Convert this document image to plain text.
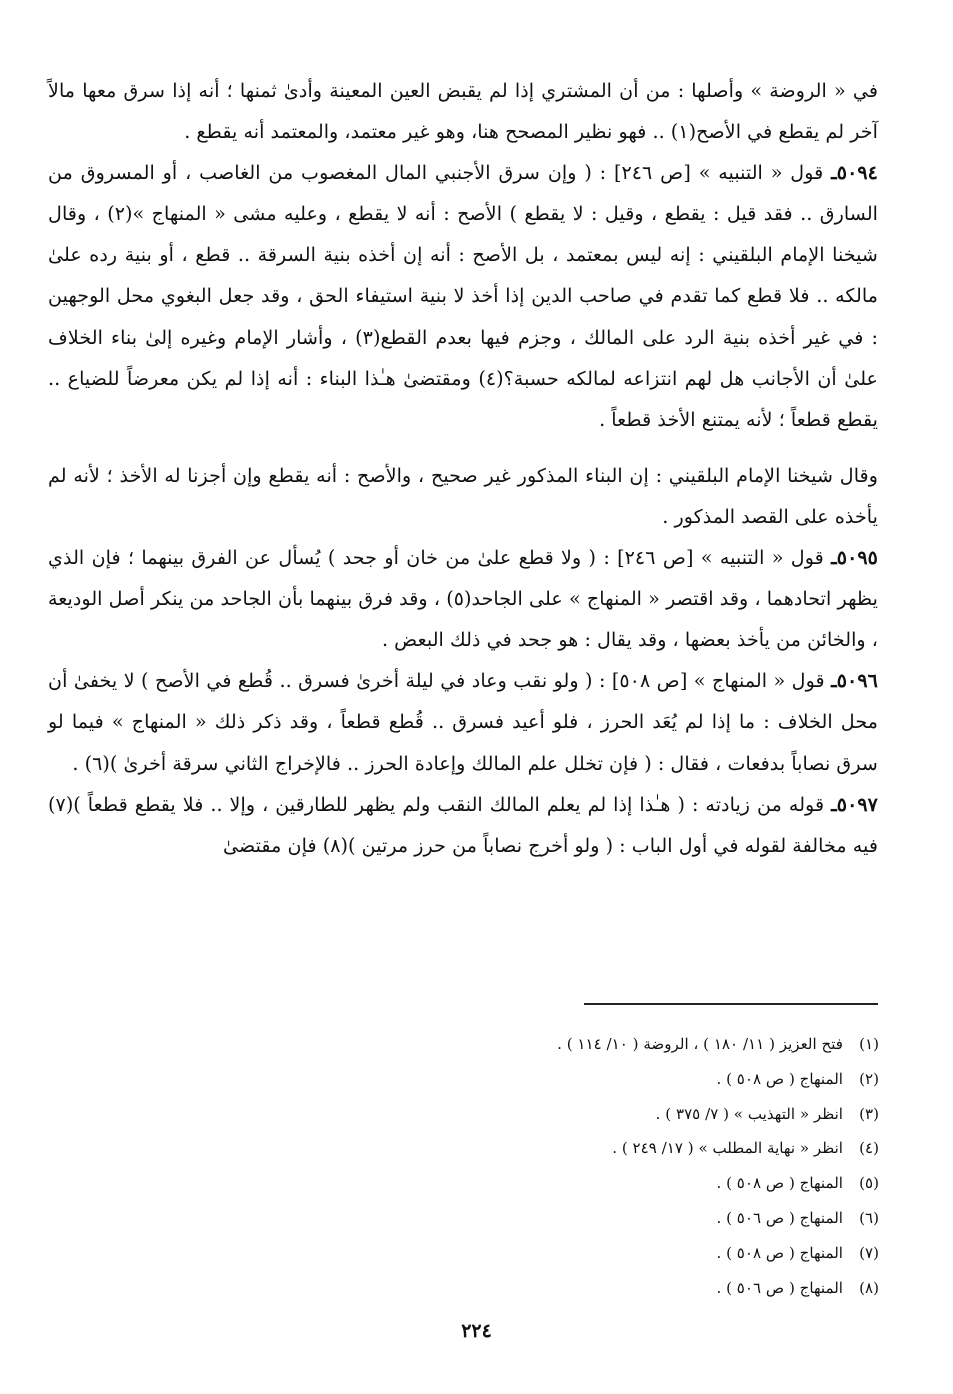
في « الروضة » وأصلها : من أن المشتري إذا لم يقبض العين المعينة وأدىٰ ثمنها ؛ أنه إذا سرق معها مالاً آخر لم يقطع في الأصح(١) .. فهو نظير المصحح هنا، وهو غير معتمد، والمعتمد أنه يقطع .

٥٠٩٤ـ قول « التنبيه » [ص ٢٤٦] : ( وإن سرق الأجنبي المال المغصوب من الغاصب ، أو المسروق من السارق .. فقد قيل : يقطع ، وقيل : لا يقطع ) الأصح : أنه لا يقطع ، وعليه مشى « المنهاج »(٢) ، وقال شيخنا الإمام البلقيني : إنه ليس بمعتمد ، بل الأصح : أنه إن أخذه بنية السرقة .. قطع ، أو بنية رده علىٰ مالكه .. فلا قطع كما تقدم في صاحب الدين إذا أخذ لا بنية استيفاء الحق ، وقد جعل البغوي محل الوجهين : في غير أخذه بنية الرد على المالك ، وجزم فيها بعدم القطع(٣) ، وأشار الإمام وغيره إلىٰ بناء الخلاف علىٰ أن الأجانب هل لهم انتزاعه لمالكه حسبة؟(٤) ومقتضىٰ هـٰذا البناء : أنه إذا لم يكن معرضاً للضياع .. يقطع قطعاً ؛ لأنه يمتنع الأخذ قطعاً .

وقال شيخنا الإمام البلقيني : إن البناء المذكور غير صحيح ، والأصح : أنه يقطع وإن أجزنا له الأخذ ؛ لأنه لم يأخذه على القصد المذكور .

٥٠٩٥ـ قول « التنبيه » [ص ٢٤٦] : ( ولا قطع علىٰ من خان أو جحد ) يُسأل عن الفرق بينهما ؛ فإن الذي يظهر اتحادهما ، وقد اقتصر « المنهاج » على الجاحد(٥) ، وقد فرق بينهما بأن الجاحد من ينكر أصل الوديعة ، والخائن من يأخذ بعضها ، وقد يقال : هو جحد في ذلك البعض .

٥٠٩٦ـ قول « المنهاج » [ص ٥٠٨] : ( ولو نقب وعاد في ليلة أخرىٰ فسرق .. قُطع في الأصح ) لا يخفىٰ أن محل الخلاف : ما إذا لم يُعَد الحرز ، فلو أعيد فسرق .. قُطع قطعاً ، وقد ذكر ذلك « المنهاج » فيما لو سرق نصاباً بدفعات ، فقال : ( فإن تخلل علم المالك وإعادة الحرز .. فالإخراج الثاني سرقة أخرىٰ )(٦) .

٥٠٩٧ـ قوله من زيادته : ( هـٰذا إذا لم يعلم المالك النقب ولم يظهر للطارقين ، وإلا .. فلا يقطع قطعاً )(٧) فيه مخالفة لقوله في أول الباب : ( ولو أخرج نصاباً من حرز مرتين )(٨) فإن مقتضىٰ

(١)فتح العزيز ( ١١/ ١٨٠ ) ، الروضة ( ١٠/ ١١٤ ) .
(٢)المنهاج ( ص ٥٠٨ ) .
(٣)انظر « التهذيب » ( ٧/ ٣٧٥ ) .
(٤)انظر « نهاية المطلب » ( ١٧/ ٢٤٩ ) .
(٥)المنهاج ( ص ٥٠٨ ) .
(٦)المنهاج ( ص ٥٠٦ ) .
(٧)المنهاج ( ص ٥٠٨ ) .
(٨)المنهاج ( ص ٥٠٦ ) .
٢٢٤
